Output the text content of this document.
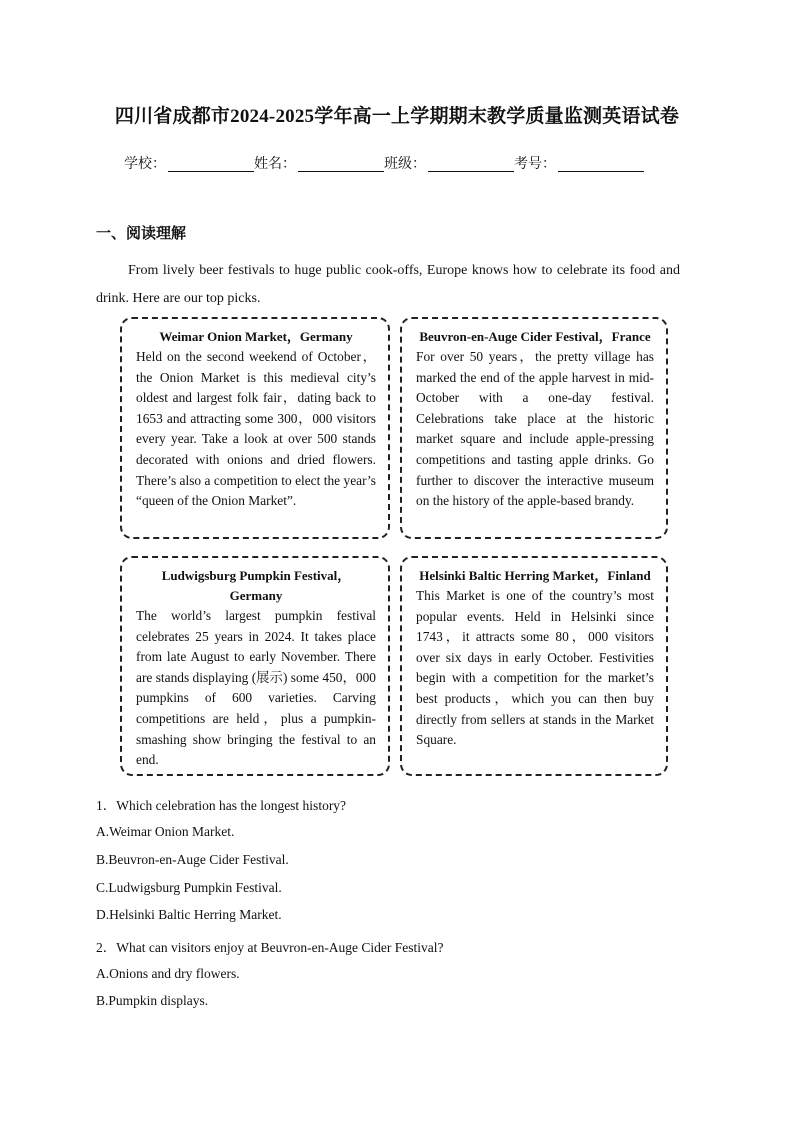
四川省成都市2024-2025学年高一上学期期末教学质量监测英语试卷
学校：	姓名：	班级：	考号：
一、阅读理解
From lively beer festivals to huge public cook-offs, Europe knows how to celebrate its food and drink. Here are our top picks.
Weimar Onion Market，Germany
Held on the second weekend of October，the Onion Market is this medieval city’s oldest and largest folk fair，dating back to 1653 and attracting some 300，000 visitors every year. Take a look at over 500 stands decorated with onions and dried flowers. There’s also a competition to elect the year’s “queen of the Onion Market”.
Beuvron-en-Auge Cider Festival，France
For over 50 years，the pretty village has marked the end of the apple harvest in mid-October with a one-day festival. Celebrations take place at the historic market square and include apple-pressing competitions and tasting apple drinks. Go further to discover the interactive museum on the history of the apple-based brandy.
Ludwigsburg Pumpkin Festival，Germany
The world’s largest pumpkin festival celebrates 25 years in 2024. It takes place from late August to early November. There are stands displaying (展示) some 450，000 pumpkins of 600 varieties. Carving competitions are held，plus a pumpkin-smashing show bringing the festival to an end.
Helsinki Baltic Herring Market，Finland
This Market is one of the country’s most popular events. Held in Helsinki since 1743，it attracts some 80，000 visitors over six days in early October. Festivities begin with a competition for the market’s best products，which you can then buy directly from sellers at stands in the Market Square.
1．Which celebration has the longest history?
A.Weimar Onion Market.
B.Beuvron-en-Auge Cider Festival.
C.Ludwigsburg Pumpkin Festival.
D.Helsinki Baltic Herring Market.
2．What can visitors enjoy at Beuvron-en-Auge Cider Festival?
A.Onions and dry flowers.
B.Pumpkin displays.
